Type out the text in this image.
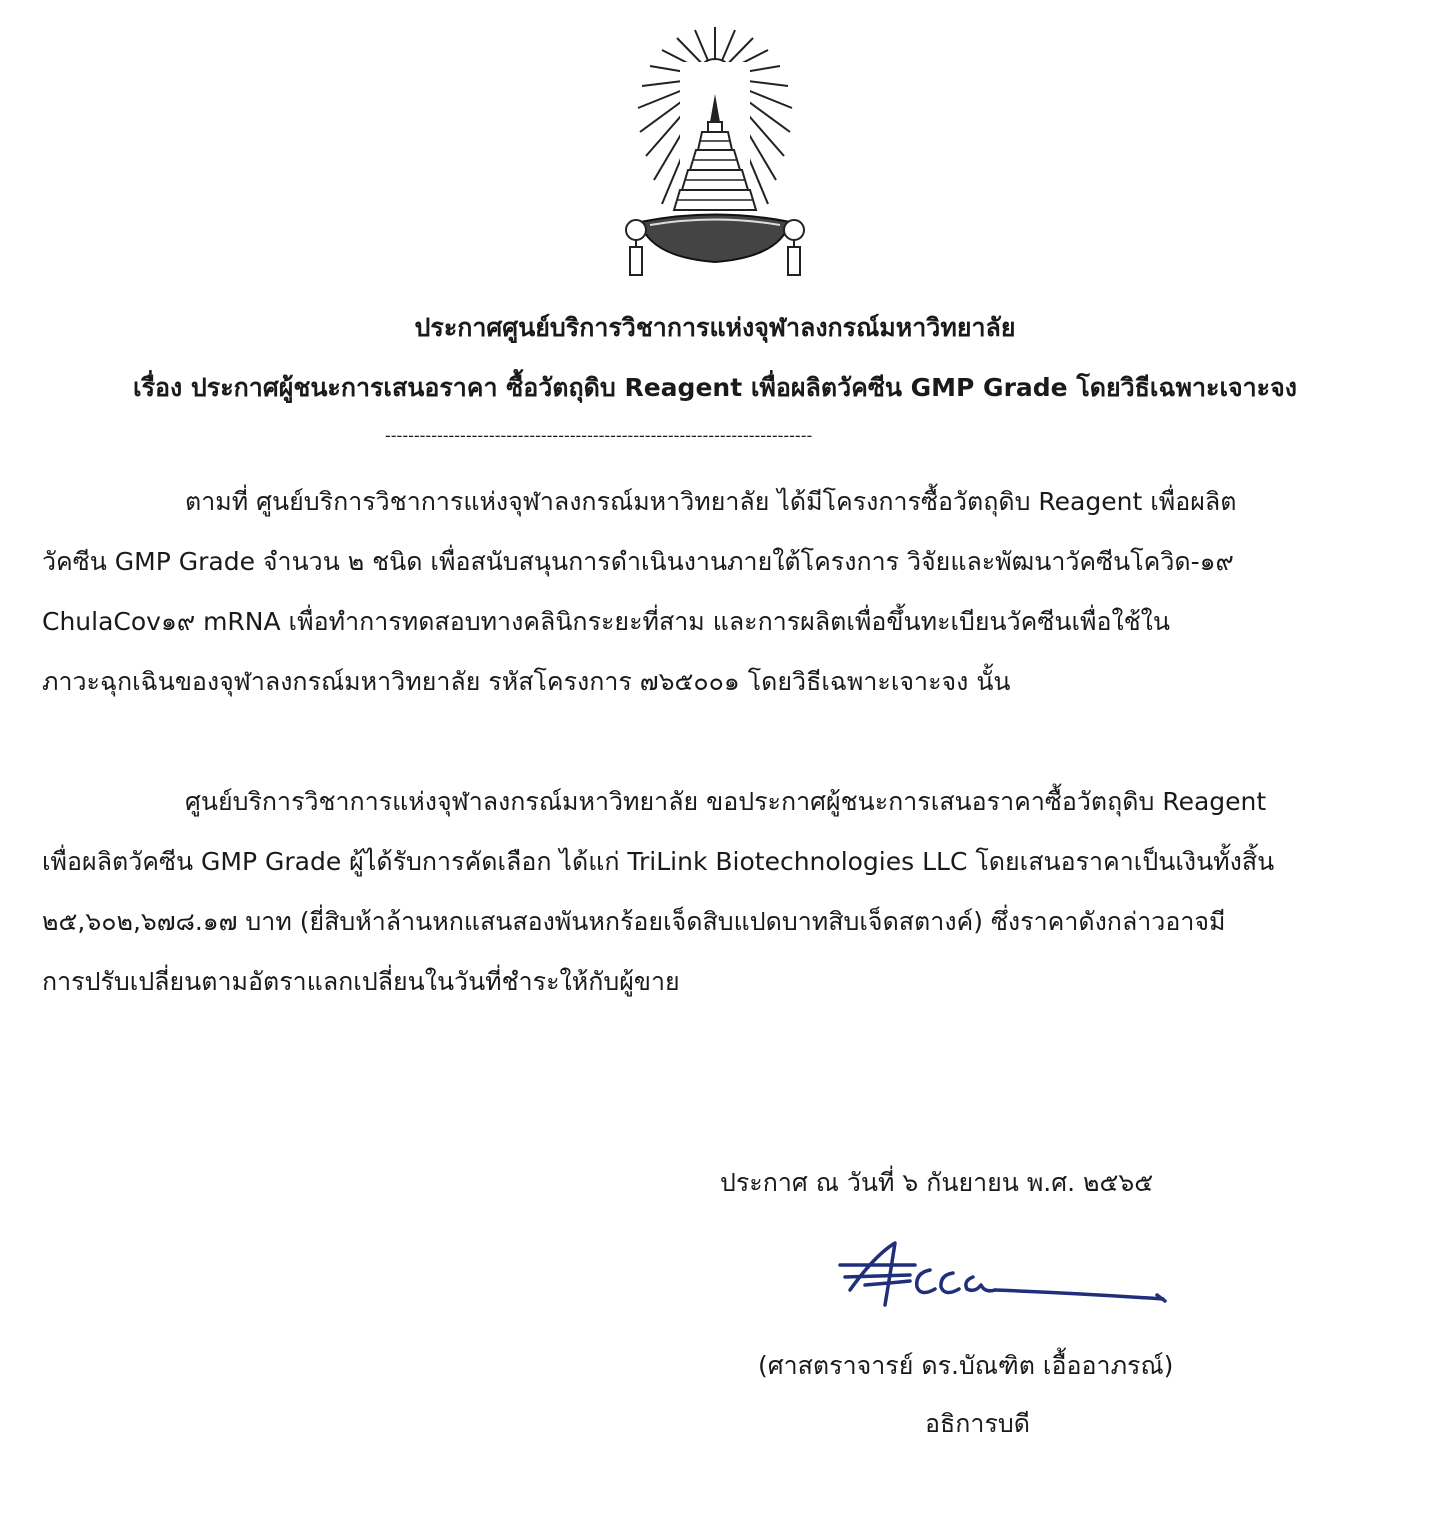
ประกาศศูนย์บริการวิชาการแห่งจุฬาลงกรณ์มหาวิทยาลัย
เรื่อง ประกาศผู้ชนะการเสนอราคา ซื้อวัตถุดิบ Reagent เพื่อผลิตวัคซีน GMP Grade โดยวิธีเฉพาะเจาะจง
--------------------------------------------------------------------------
ตามที่ ศูนย์บริการวิชาการแห่งจุฬาลงกรณ์มหาวิทยาลัย ได้มีโครงการซื้อวัตถุดิบ Reagent เพื่อผลิต
วัคซีน GMP Grade จำนวน ๒ ชนิด เพื่อสนับสนุนการดำเนินงานภายใต้โครงการ วิจัยและพัฒนาวัคซีนโควิด-๑๙
ChulaCov๑๙ mRNA เพื่อทำการทดสอบทางคลินิกระยะที่สาม และการผลิตเพื่อขึ้นทะเบียนวัคซีนเพื่อใช้ใน
ภาวะฉุกเฉินของจุฬาลงกรณ์มหาวิทยาลัย รหัสโครงการ ๗๖๕๐๐๑ โดยวิธีเฉพาะเจาะจง นั้น
ศูนย์บริการวิชาการแห่งจุฬาลงกรณ์มหาวิทยาลัย ขอประกาศผู้ชนะการเสนอราคาซื้อวัตถุดิบ Reagent
เพื่อผลิตวัคซีน GMP Grade ผู้ได้รับการคัดเลือก ได้แก่ TriLink Biotechnologies LLC โดยเสนอราคาเป็นเงินทั้งสิ้น
๒๕,๖๐๒,๖๗๘.๑๗ บาท (ยี่สิบห้าล้านหกแสนสองพันหกร้อยเจ็ดสิบแปดบาทสิบเจ็ดสตางค์) ซึ่งราคาดังกล่าวอาจมี
การปรับเปลี่ยนตามอัตราแลกเปลี่ยนในวันที่ชำระให้กับผู้ขาย
ประกาศ ณ วันที่ ๖ กันยายน พ.ศ. ๒๕๖๕
(ศาสตราจารย์ ดร.บัณฑิต เอื้ออาภรณ์)
อธิการบดี
